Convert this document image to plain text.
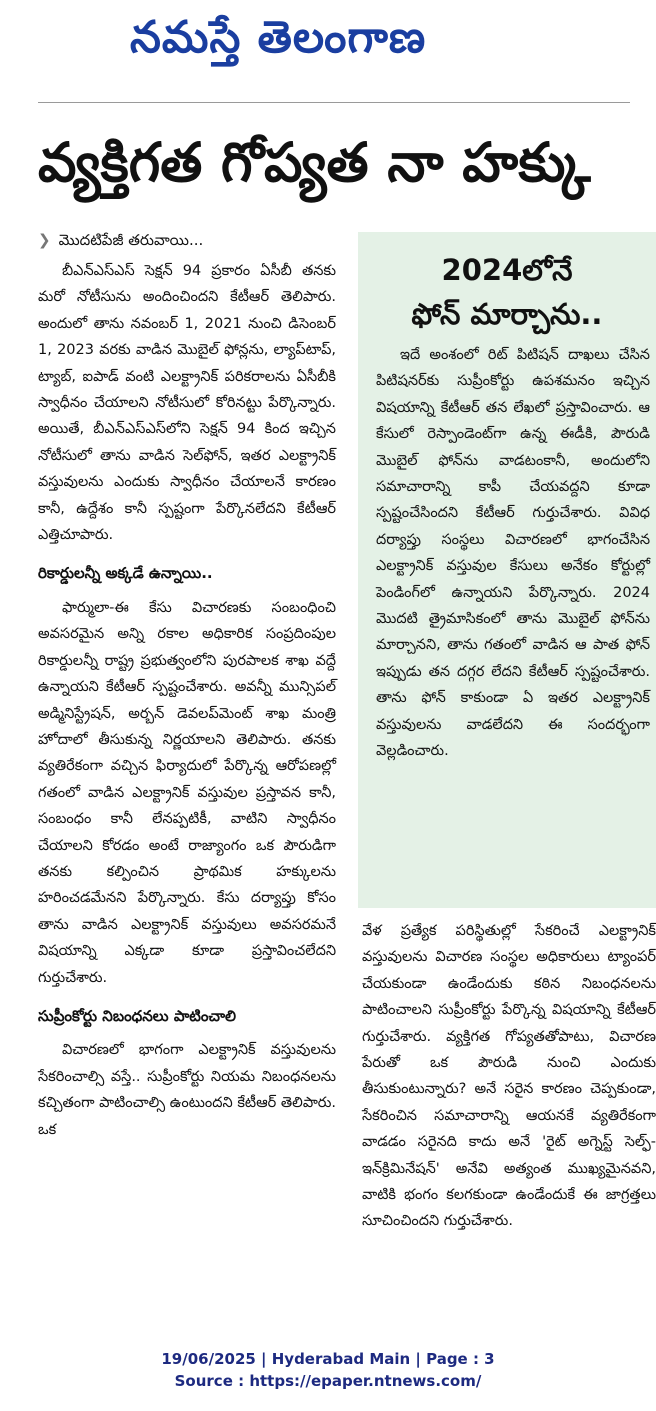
నమస్తే తెలంగాణ
వ్యక్తిగత గోప్యత నా హక్కు
❯ మొదటిపేజీ తరువాయి...

బీఎన్‌ఎస్‌ఎస్‌ సెక్షన్‌ 94 ప్రకారం ఏసీబీ తనకు మరో నోటీసును అందించిందని కేటీఆర్‌ తెలిపారు. అందులో తాను నవంబర్‌ 1, 2021 నుంచి డిసెంబర్‌ 1, 2023 వరకు వాడిన మొబైల్‌ ఫోన్లను, ల్యాప్‌టాప్‌, ట్యాబ్‌, ఐపాడ్‌ వంటి ఎలక్ట్రానిక్‌ పరికరాలను ఏసీబీకి స్వాధీనం చేయాలని నోటీసులో కోరినట్టు పేర్కొన్నారు. అయితే, బీఎన్‌ఎస్‌ఎస్‌లోని సెక్షన్‌ 94 కింద ఇచ్చిన నోటీసులో తాను వాడిన సెల్‌ఫోన్‌, ఇతర ఎలక్ట్రానిక్‌ వస్తువులను ఎందుకు స్వాధీనం చేయాలనే కారణం కానీ, ఉద్దేశం కానీ స్పష్టంగా పేర్కొనలేదని కేటీఆర్‌ ఎత్తిచూపారు.

రికార్డులన్నీ అక్కడే ఉన్నాయి..

ఫార్ములా-ఈ కేసు విచారణకు సంబంధించి అవసరమైన అన్ని రకాల అధికారిక సంప్రదింపుల రికార్డులన్నీ రాష్ట్ర ప్రభుత్వంలోని పురపాలక శాఖ వద్దే ఉన్నాయని కేటీఆర్‌ స్పష్టంచేశారు. అవన్నీ మున్సిపల్‌ అడ్మినిస్ట్రేషన్‌, అర్బన్‌ డెవలప్‌మెంట్‌ శాఖ మంత్రి హోదాలో తీసుకున్న నిర్ణయాలని తెలిపారు. తనకు వ్యతిరేకంగా వచ్చిన ఫిర్యాదులో పేర్కొన్న ఆరోపణల్లో గతంలో వాడిన ఎలక్ట్రానిక్‌ వస్తువుల ప్రస్తావన కానీ, సంబంధం కానీ లేనప్పటికీ, వాటిని స్వాధీనం చేయాలని కోరడం అంటే రాజ్యాంగం ఒక పౌరుడిగా తనకు కల్పించిన ప్రాథమిక హక్కులను హరించడమేనని పేర్కొన్నారు. కేసు దర్యాప్తు కోసం తాను వాడిన ఎలక్ట్రానిక్‌ వస్తువులు అవసరమనే విషయాన్ని ఎక్కడా కూడా ప్రస్తావించలేదని గుర్తుచేశారు.

సుప్రీంకోర్టు నిబంధనలు పాటించాలి

విచారణలో భాగంగా ఎలక్ట్రానిక్‌ వస్తువులను సేకరించాల్సి వస్తే.. సుప్రీంకోర్టు నియమ నిబంధనలను కచ్చితంగా పాటించాల్సి ఉంటుందని కేటీఆర్‌ తెలిపారు. ఒక

2024లోనే
ఫోన్‌ మార్చాను..

ఇదే అంశంలో రిట్‌ పిటిషన్‌ దాఖలు చేసిన పిటిషనర్‌కు సుప్రీంకోర్టు ఉపశమనం ఇచ్చిన విషయాన్ని కేటీఆర్‌ తన లేఖలో ప్రస్తావించారు. ఆ కేసులో రెస్పాండెంట్‌గా ఉన్న ఈడీకి, పౌరుడి మొబైల్‌ ఫోన్‌ను వాడటంకానీ, అందులోని సమాచారాన్ని కాపీ చేయవద్దని కూడా స్పష్టంచేసిందని కేటీఆర్‌ గుర్తుచేశారు. వివిధ దర్యాప్తు సంస్థలు విచారణలో భాగంచేసిన ఎలక్ట్రానిక్‌ వస్తువుల కేసులు అనేకం కోర్టుల్లో పెండింగ్‌లో ఉన్నాయని పేర్కొన్నారు. 2024 మొదటి త్రైమాసికంలో తాను మొబైల్‌ ఫోన్‌ను మార్చానని, తాను గతంలో వాడిన ఆ పాత ఫోన్‌ ఇప్పుడు తన దగ్గర లేదని కేటీఆర్‌ స్పష్టంచేశారు. తాను ఫోన్‌ కాకుండా ఏ ఇతర ఎలక్ట్రానిక్‌ వస్తువులను వాడలేదని ఈ సందర్భంగా వెల్లడించారు.

వేళ ప్రత్యేక పరిస్థితుల్లో సేకరించే ఎలక్ట్రానిక్‌ వస్తువులను విచారణ సంస్థల అధికారులు ట్యాంపర్‌ చేయకుండా ఉండేందుకు కఠిన నిబంధనలను పాటించాలని సుప్రీంకోర్టు పేర్కొన్న విషయాన్ని కేటీఆర్‌ గుర్తుచేశారు. వ్యక్తిగత గోప్యతతోపాటు, విచారణ పేరుతో ఒక పౌరుడి నుంచి ఎందుకు తీసుకుంటున్నారు? అనే సరైన కారణం చెప్పకుండా, సేకరించిన సమాచారాన్ని ఆయనకే వ్యతిరేకంగా వాడడం సరైనది కాదు అనే 'రైట్‌ అగ్నెస్ట్‌ సెల్ఫ్‌-ఇన్‌క్రిమినేషన్‌' అనేవి అత్యంత ముఖ్యమైనవని, వాటికి భంగం కలగకుండా ఉండేందుకే ఈ జాగ్రత్తలు సూచించిందని గుర్తుచేశారు.

19/06/2025 | Hyderabad Main | Page : 3
Source : https://epaper.ntnews.com/
